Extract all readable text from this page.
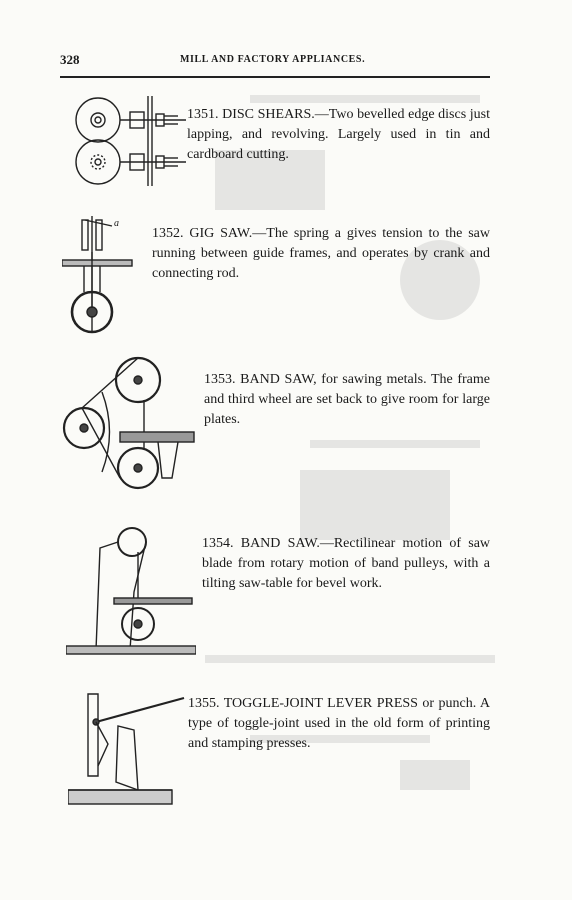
328	MILL AND FACTORY APPLIANCES.

1351. DISC SHEARS.—Two bevelled edge discs just lapping, and revolving. Largely used in tin and cardboard cutting.

a

1352. GIG SAW.—The spring a gives tension to the saw running between guide frames, and operates by crank and connecting rod.

1353. BAND SAW, for sawing metals. The frame and third wheel are set back to give room for large plates.

1354. BAND SAW.—Rectilinear motion of saw blade from rotary motion of band pulleys, with a tilting saw-table for bevel work.

1355. TOGGLE-JOINT LEVER PRESS or punch. A type of toggle-joint used in the old form of printing and stamping presses.
